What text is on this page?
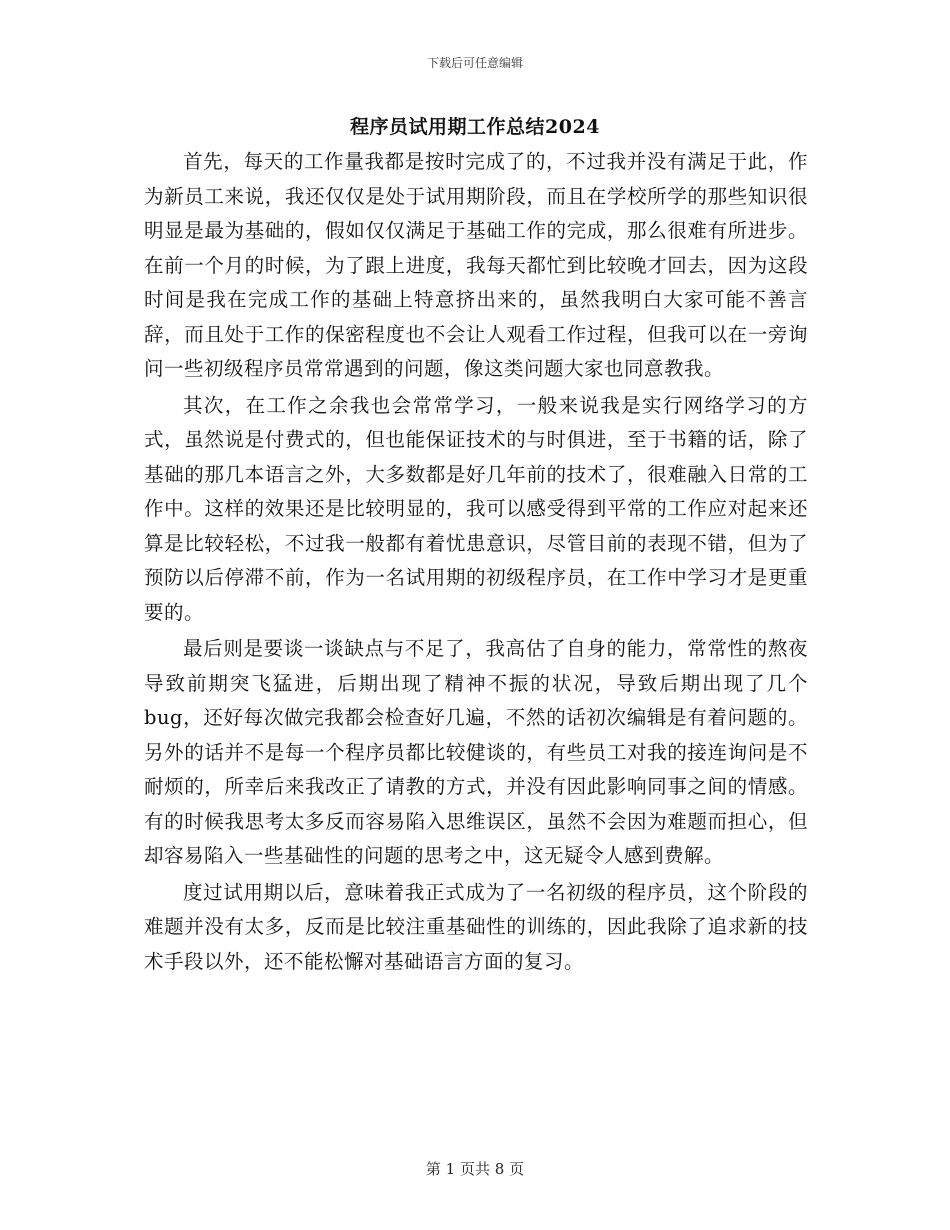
下载后可任意编辑
程序员试用期工作总结2024

首先，每天的工作量我都是按时完成了的，不过我并没有满足于此，作为新员工来说，我还仅仅是处于试用期阶段，而且在学校所学的那些知识很明显是最为基础的，假如仅仅满足于基础工作的完成，那么很难有所进步。在前一个月的时候，为了跟上进度，我每天都忙到比较晚才回去，因为这段时间是我在完成工作的基础上特意挤出来的，虽然我明白大家可能不善言辞，而且处于工作的保密程度也不会让人观看工作过程，但我可以在一旁询问一些初级程序员常常遇到的问题，像这类问题大家也同意教我。

其次，在工作之余我也会常常学习，一般来说我是实行网络学习的方式，虽然说是付费式的，但也能保证技术的与时俱进，至于书籍的话，除了基础的那几本语言之外，大多数都是好几年前的技术了，很难融入日常的工作中。这样的效果还是比较明显的，我可以感受得到平常的工作应对起来还算是比较轻松，不过我一般都有着忧患意识，尽管目前的表现不错，但为了预防以后停滞不前，作为一名试用期的初级程序员，在工作中学习才是更重要的。

最后则是要谈一谈缺点与不足了，我高估了自身的能力，常常性的熬夜导致前期突飞猛进，后期出现了精神不振的状况，导致后期出现了几个bug，还好每次做完我都会检查好几遍，不然的话初次编辑是有着问题的。另外的话并不是每一个程序员都比较健谈的，有些员工对我的接连询问是不耐烦的，所幸后来我改正了请教的方式，并没有因此影响同事之间的情感。有的时候我思考太多反而容易陷入思维误区，虽然不会因为难题而担心，但却容易陷入一些基础性的问题的思考之中，这无疑令人感到费解。

度过试用期以后，意味着我正式成为了一名初级的程序员，这个阶段的难题并没有太多，反而是比较注重基础性的训练的，因此我除了追求新的技术手段以外，还不能松懈对基础语言方面的复习。

第 1 页共 8 页
